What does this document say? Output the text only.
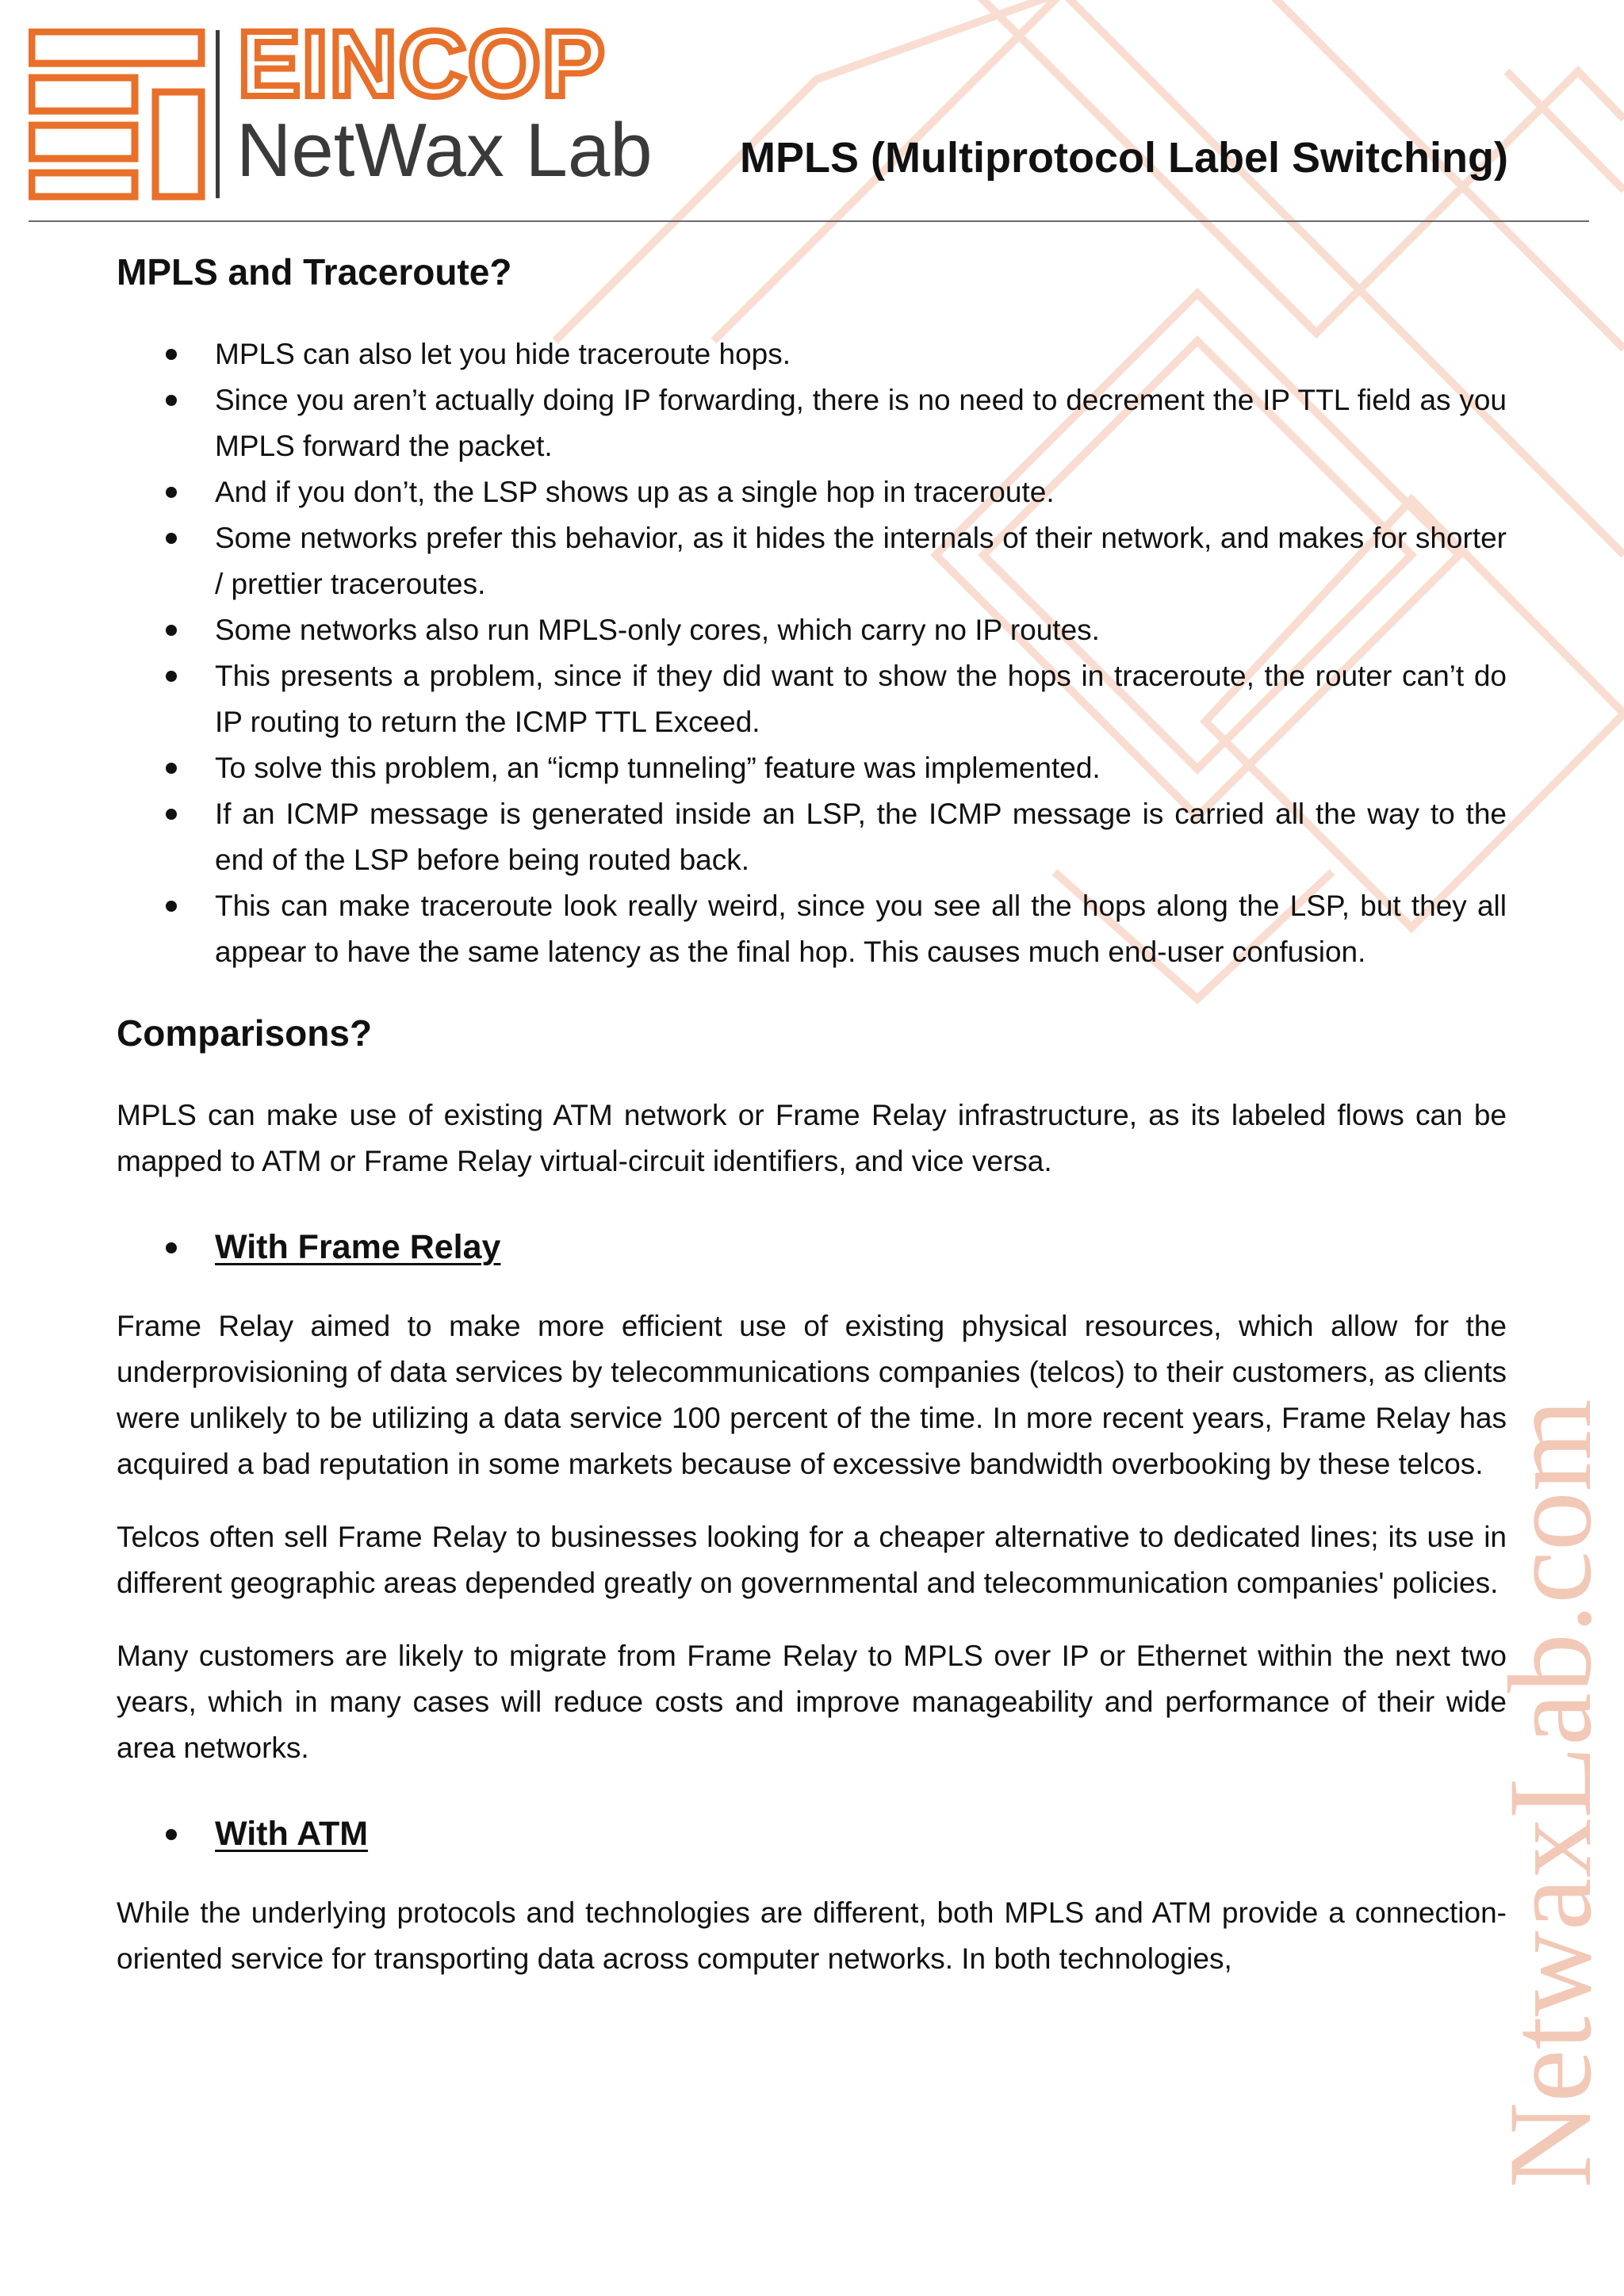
EINCOP
NetWax Lab MPLS (Multiprotocol Label Switching)
MPLS and Traceroute?
MPLS can also let you hide traceroute hops.
Since you aren’t actually doing IP forwarding, there is no need to decrement the IP TTL field as you MPLS forward the packet.
And if you don’t, the LSP shows up as a single hop in traceroute.
Some networks prefer this behavior, as it hides the internals of their network, and makes for shorter / prettier traceroutes.
Some networks also run MPLS-only cores, which carry no IP routes.
This presents a problem, since if they did want to show the hops in traceroute, the router can’t do IP routing to return the ICMP TTL Exceed.
To solve this problem, an “icmp tunneling” feature was implemented.
If an ICMP message is generated inside an LSP, the ICMP message is carried all the way to the end of the LSP before being routed back.
This can make traceroute look really weird, since you see all the hops along the LSP, but they all appear to have the same latency as the final hop. This causes much end-user confusion.
Comparisons?

MPLS can make use of existing ATM network or Frame Relay infrastructure, as its labeled flows can be mapped to ATM or Frame Relay virtual-circuit identifiers, and vice versa.

With Frame Relay

Frame Relay aimed to make more efficient use of existing physical resources, which allow for the underprovisioning of data services by telecommunications companies (telcos) to their customers, as clients were unlikely to be utilizing a data service 100 percent of the time. In more recent years, Frame Relay has acquired a bad reputation in some markets because of excessive bandwidth overbooking by these telcos.

Telcos often sell Frame Relay to businesses looking for a cheaper alternative to dedicated lines; its use in different geographic areas depended greatly on governmental and telecommunication companies' policies.

Many customers are likely to migrate from Frame Relay to MPLS over IP or Ethernet within the next two years, which in many cases will reduce costs and improve manageability and performance of their wide area networks.

With ATM

While the underlying protocols and technologies are different, both MPLS and ATM provide a connection-oriented service for transporting data across computer networks. In both technologies,	NetwaxLab.com
